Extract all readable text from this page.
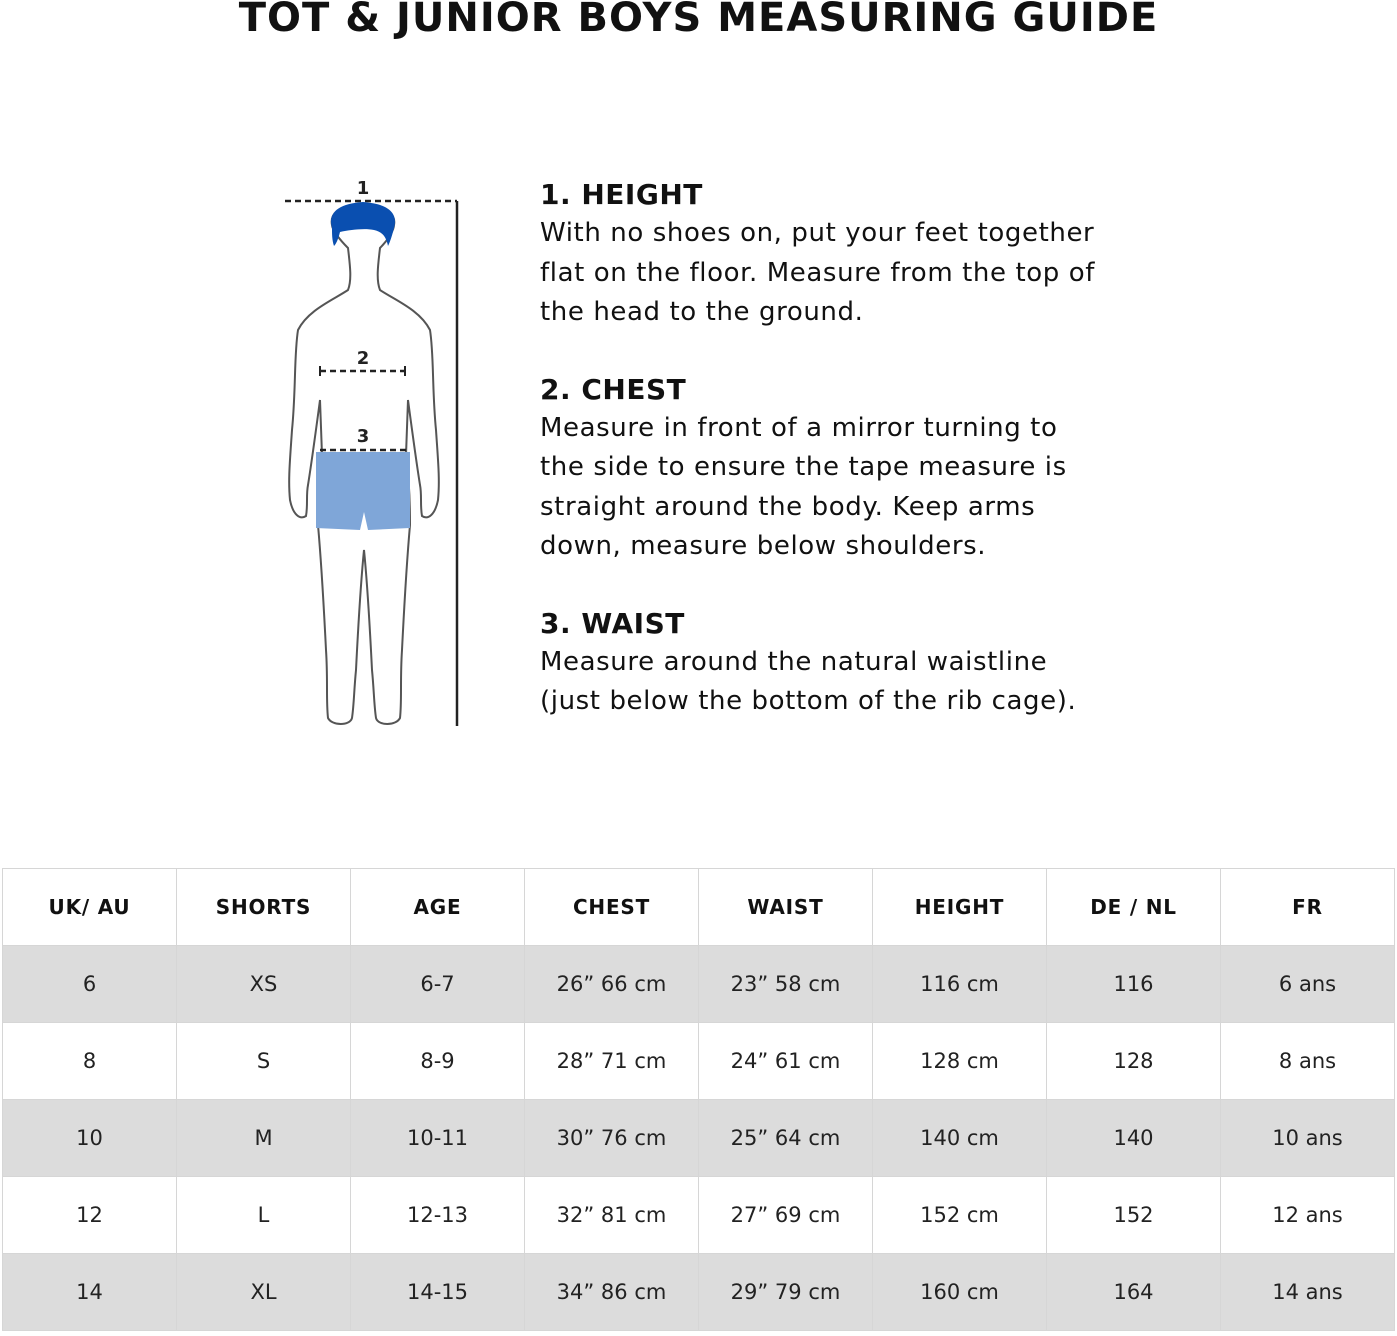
TOT & JUNIOR BOYS MEASURING GUIDE
1
2
3
1. HEIGHT
With no shoes on, put your feet together
flat on the floor. Measure from the top of
the head to the ground.
2. CHEST
Measure in front of a mirror turning to
the side to ensure the tape measure is
straight around the body. Keep arms
down, measure below shoulders.
3. WAIST
Measure around the natural waistline
(just below the bottom of the rib cage).
UK/ AU	SHORTS	AGE	CHEST	WAIST	HEIGHT	DE / NL	FR
6	XS	6-7	26” 66 cm	23” 58 cm	116 cm	116	6 ans
8	S	8-9	28” 71 cm	24” 61 cm	128 cm	128	8 ans
10	M	10-11	30” 76 cm	25” 64 cm	140 cm	140	10 ans
12	L	12-13	32” 81 cm	27” 69 cm	152 cm	152	12 ans
14	XL	14-15	34” 86 cm	29” 79 cm	160 cm	164	14 ans
